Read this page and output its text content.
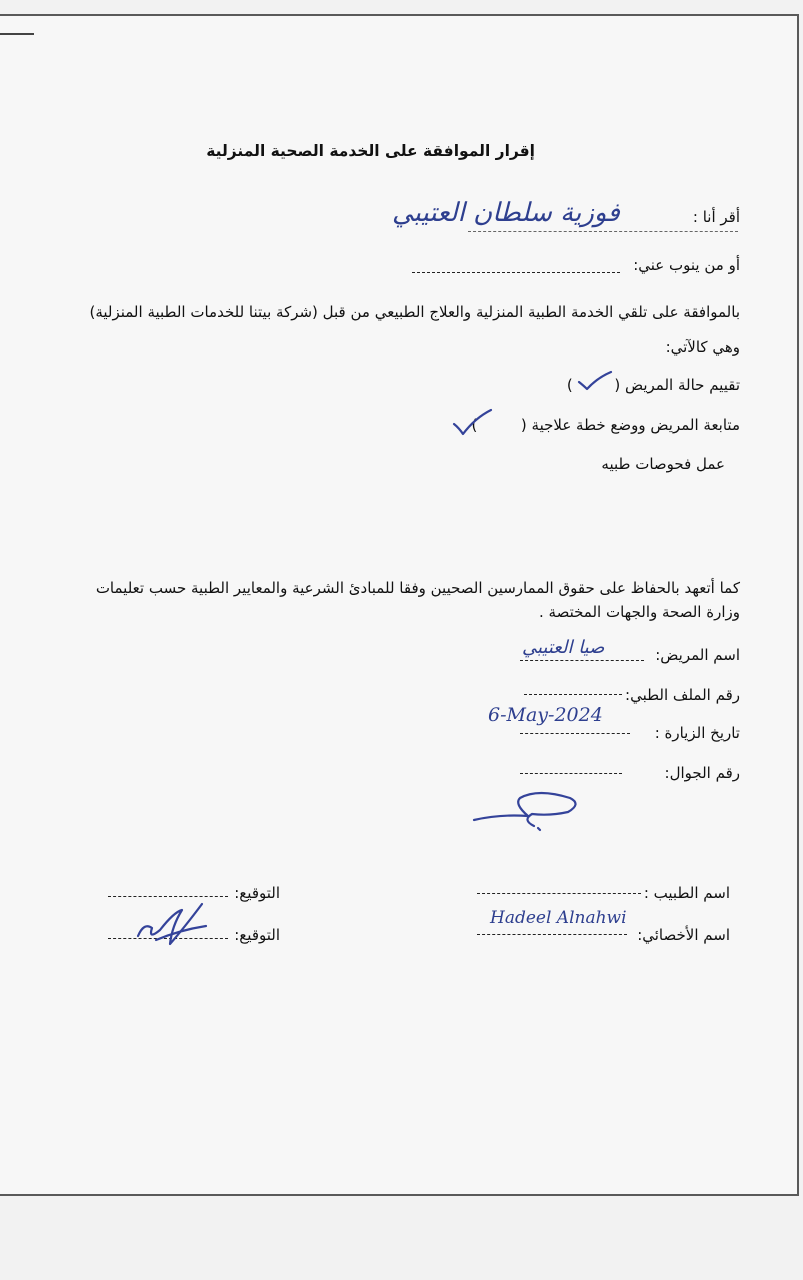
إقرار الموافقة على الخدمة الصحية المنزلية
أقر أنا :
فوزية سلطان العتيبي
أو من ينوب عني:
بالموافقة على تلقي الخدمة الطبية المنزلية والعلاج الطبيعي من قبل (شركة بيتنا للخدمات الطبية المنزلية)
وهي كالآتي:
تقييم حالة المريض (  )
متابعة المريض ووضع خطة علاجية (  )
عمل فحوصات طبيه
كما أتعهد بالحفاظ على حقوق الممارسين الصحيين وفقا للمبادئ الشرعية والمعايير الطبية حسب تعليمات
وزارة الصحة والجهات المختصة .
اسم المريض:
صيا العتيبي
رقم الملف الطبي:
تاريخ الزيارة :
6-May-2024
رقم الجوال:
اسم الطبيب :
اسم الأخصائي:
Hadeel Alnahwi
التوقيع:
التوقيع:
